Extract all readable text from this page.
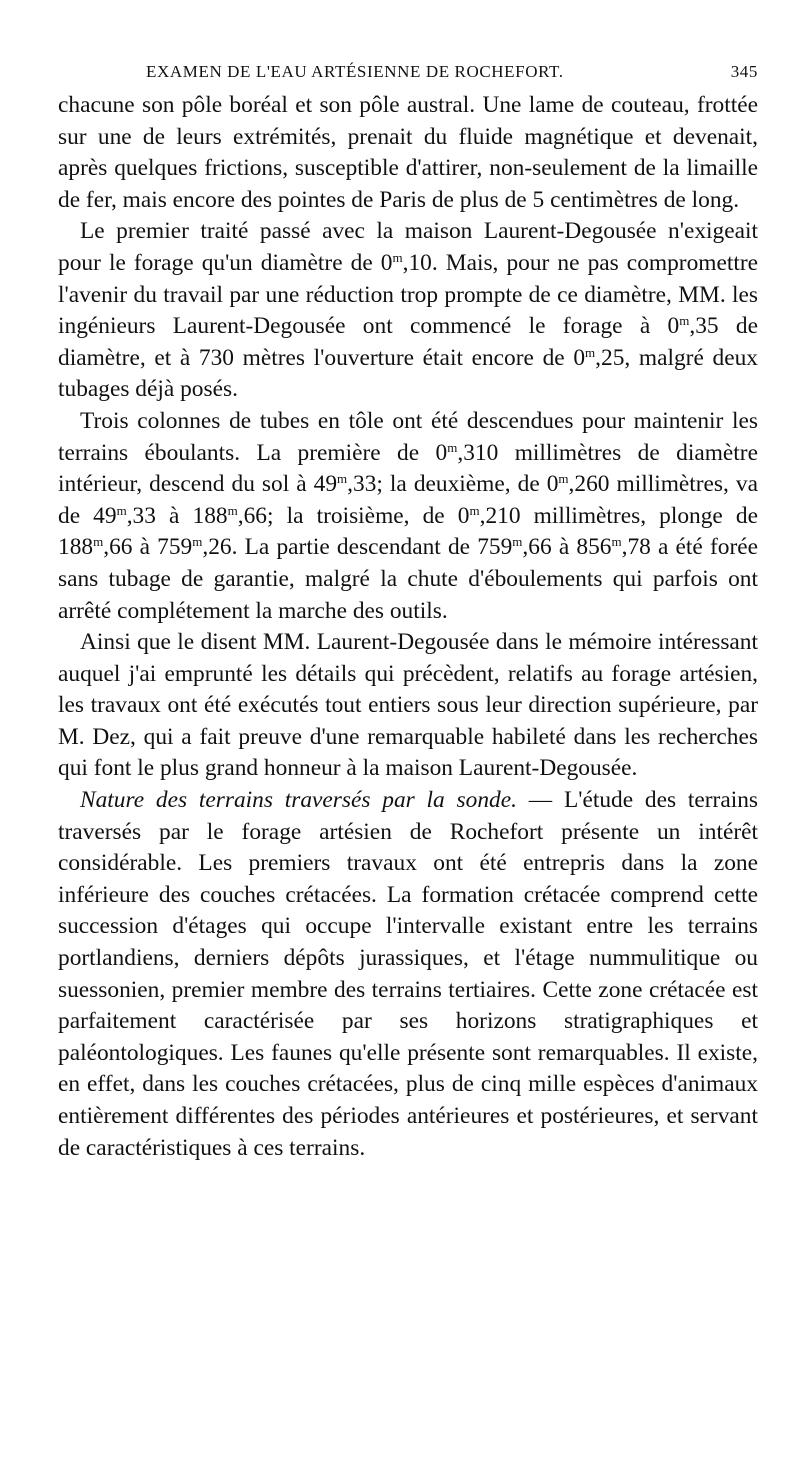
EXAMEN DE L'EAU ARTÉSIENNE DE ROCHEFORT.	345

chacune son pôle boréal et son pôle austral. Une lame de couteau, frottée sur une de leurs extrémités, prenait du fluide magnétique et devenait, après quelques frictions, susceptible d'attirer, non-seulement de la limaille de fer, mais encore des pointes de Paris de plus de 5 centimètres de long.

Le premier traité passé avec la maison Laurent-Degousée n'exigeait pour le forage qu'un diamètre de 0$^m$,10. Mais, pour ne pas compromettre l'avenir du travail par une réduction trop prompte de ce diamètre, MM. les ingénieurs Laurent-Degousée ont commencé le forage à 0$^m$,35 de diamètre, et à 730 mètres l'ouverture était encore de 0$^m$,25, malgré deux tubages déjà posés.

Trois colonnes de tubes en tôle ont été descendues pour maintenir les terrains éboulants. La première de 0$^m$,310 millimètres de diamètre intérieur, descend du sol à 49$^m$,33; la deuxième, de 0$^m$,260 millimètres, va de 49$^m$,33 à 188$^m$,66; la troisième, de 0$^m$,210 millimètres, plonge de 188$^m$,66 à 759$^m$,26. La partie descendant de 759$^m$,66 à 856$^m$,78 a été forée sans tubage de garantie, malgré la chute d'éboulements qui parfois ont arrêté complétement la marche des outils.

Ainsi que le disent MM. Laurent-Degousée dans le mémoire intéressant auquel j'ai emprunté les détails qui précèdent, relatifs au forage artésien, les travaux ont été exécutés tout entiers sous leur direction supérieure, par M. Dez, qui a fait preuve d'une remarquable habileté dans les recherches qui font le plus grand honneur à la maison Laurent-Degousée.

Nature des terrains traversés par la sonde. — L'étude des terrains traversés par le forage artésien de Rochefort présente un intérêt considérable. Les premiers travaux ont été entrepris dans la zone inférieure des couches crétacées. La formation crétacée comprend cette succession d'étages qui occupe l'intervalle existant entre les terrains portlandiens, derniers dépôts jurassiques, et l'étage nummulitique ou suessonien, premier membre des terrains tertiaires. Cette zone crétacée est parfaitement caractérisée par ses horizons stratigraphiques et paléontologiques. Les faunes qu'elle présente sont remarquables. Il existe, en effet, dans les couches crétacées, plus de cinq mille espèces d'animaux entièrement différentes des périodes antérieures et postérieures, et servant de caractéristiques à ces terrains.
